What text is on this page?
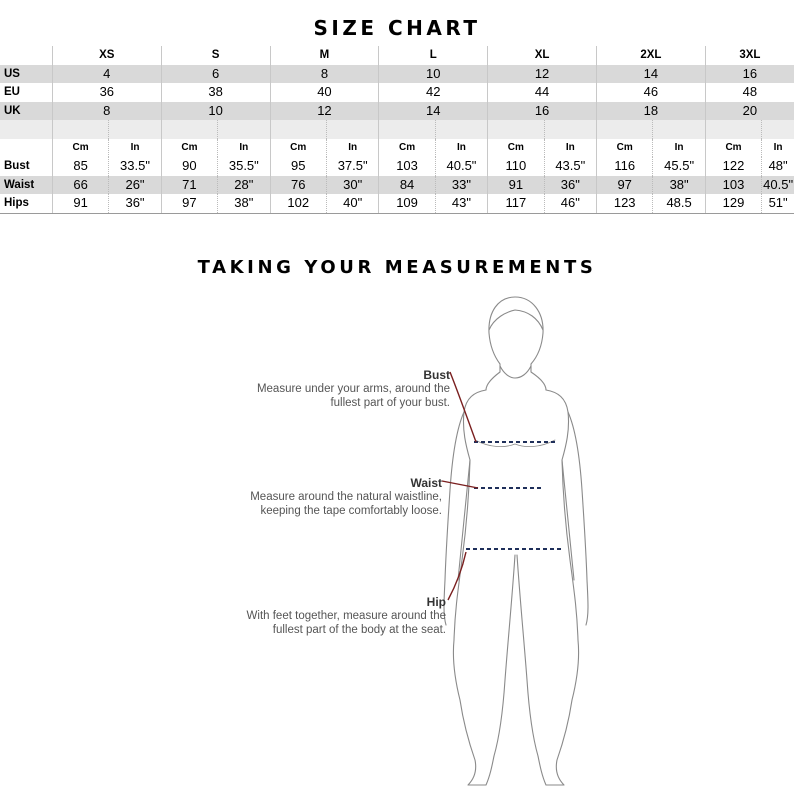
SIZE CHART
	XS		S		M		L		XL		2XL		3XL	
US	4		6		8		10		12		14		16	
EU	36		38		40		42		44		46		48	
UK	8		10		12		14		16		18		20	

	Cm	In	Cm	In	Cm	In	Cm	In	Cm	In	Cm	In	Cm	In
Bust	85	33.5"	90	35.5"	95	37.5"	103	40.5"	110	43.5"	116	45.5"	122	48"
Waist	66	26"	71	28"	76	30"	84	33"	91	36"	97	38"	103	40.5"
Hips	91	36"	97	38"	102	40"	109	43"	117	46"	123	48.5	129	51"
TAKING YOUR MEASUREMENTS
Bust
Measure under your arms, around the
fullest part of your bust.
Waist
Measure around the natural waistline,
keeping the tape comfortably loose.
Hip
With feet together, measure around the
fullest part of the body at the seat.
